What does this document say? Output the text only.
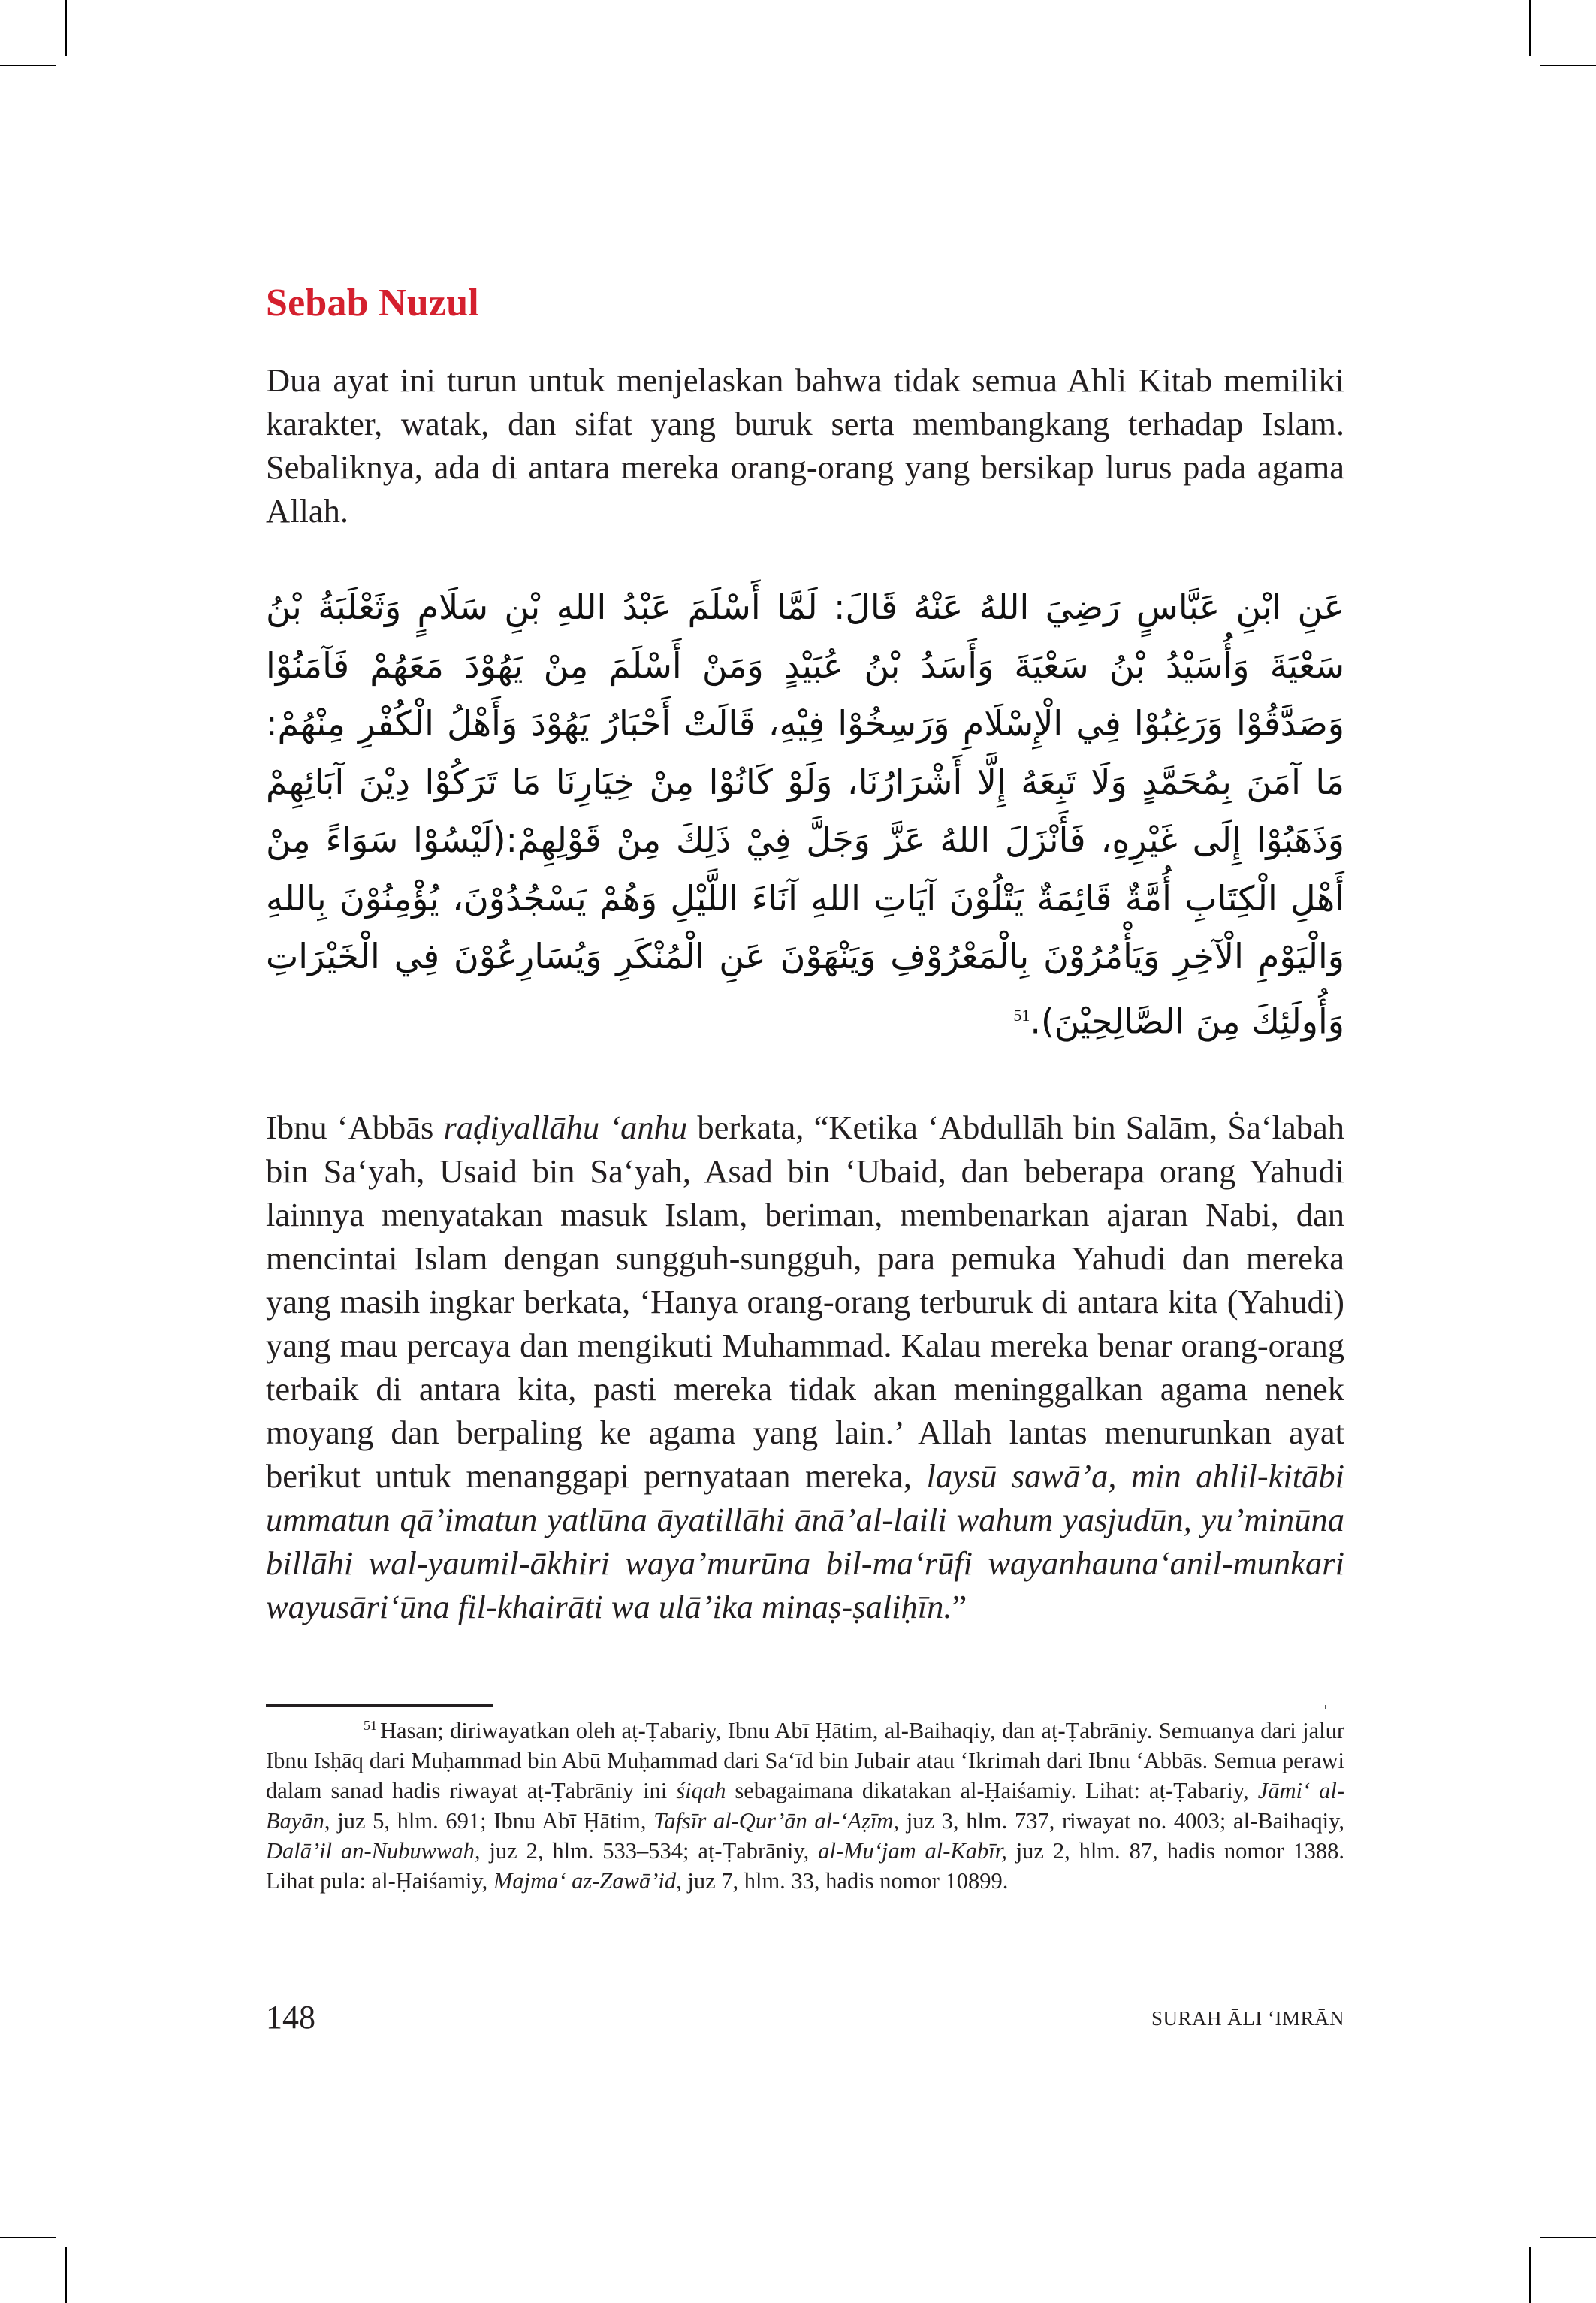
Sebab Nuzul

Dua ayat ini turun untuk menjelaskan bahwa tidak semua Ahli Kitab memiliki karakter, watak, dan sifat yang buruk serta membangkang terhadap Islam. Sebaliknya, ada di antara mereka orang-orang yang bersikap lurus pada agama Allah.

عَنِ ابْنِ عَبَّاسٍ رَضِيَ اللهُ عَنْهُ قَالَ: لَمَّا أَسْلَمَ عَبْدُ اللهِ بْنِ سَلَامٍ وَثَعْلَبَةُ بْنُ سَعْيَةَ وَأُسَيْدُ بْنُ سَعْيَةَ وَأَسَدُ بْنُ عُبَيْدٍ وَمَنْ أَسْلَمَ مِنْ يَهُوْدَ مَعَهُمْ فَآمَنُوْا وَصَدَّقُوْا وَرَغِبُوْا فِي الْإِسْلَامِ وَرَسِخُوْا فِيْهِ، قَالَتْ أَحْبَارُ يَهُوْدَ وَأَهْلُ الْكُفْرِ مِنْهُمْ: مَا آمَنَ بِمُحَمَّدٍ وَلَا تَبِعَهُ إِلَّا أَشْرَارُنَا، وَلَوْ كَانُوْا مِنْ خِيَارِنَا مَا تَرَكُوْا دِيْنَ آبَائِهِمْ وَذَهَبُوْا إِلَى غَيْرِهِ، فَأَنْزَلَ اللهُ عَزَّ وَجَلَّ فِيْ ذَلِكَ مِنْ قَوْلِهِمْ:(لَيْسُوْا سَوَاءً مِنْ أَهْلِ الْكِتَابِ أُمَّةٌ قَائِمَةٌ يَتْلُوْنَ آيَاتِ اللهِ آنَاءَ اللَّيْلِ وَهُمْ يَسْجُدُوْنَ، يُؤْمِنُوْنَ بِاللهِ وَالْيَوْمِ الْآخِرِ وَيَأْمُرُوْنَ بِالْمَعْرُوْفِ وَيَنْهَوْنَ عَنِ الْمُنْكَرِ وَيُسَارِعُوْنَ فِي الْخَيْرَاتِ وَأُولَئِكَ مِنَ الصَّالِحِيْنَ).$^{51}$

Ibnu ‘Abbās raḍiyallāhu ‘anhu berkata, “Ketika ‘Abdullāh bin Salām, Ṡa‘labah bin Sa‘yah, Usaid bin Sa‘yah, Asad bin ‘Ubaid, dan beberapa orang Yahudi lainnya menyatakan masuk Islam, beriman, membenarkan ajaran Nabi, dan mencintai Islam dengan sungguh-sungguh, para pemuka Yahudi dan mereka yang masih ingkar berkata, ‘Hanya orang-orang terburuk di antara kita (Yahudi) yang mau percaya dan mengikuti Muhammad. Kalau mereka benar orang-orang terbaik di antara kita, pasti mereka tidak akan meninggalkan agama nenek moyang dan berpaling ke agama yang lain.’ Allah lantas menurunkan ayat berikut untuk menanggapi pernyataan mereka, laysū sawā’a, min ahlil-kitābi ummatun qā’imatun yatlūna āyatillāhi ānā’al-laili wahum yasjudūn, yu’minūna billāhi wal-yaumil-ākhiri waya’murūna bil-ma‘rūfi wayanhauna‘anil-munkari wayusāri‘ūna fil-khairāti wa ulā’ika minaṣ-ṣaliḥīn.”

$^{51}$ Hasan; diriwayatkan oleh aṭ-Ṭabariy, Ibnu Abī Ḥātim, al-Baihaqiy, dan aṭ-Ṭabrāniy. Semuanya dari jalur Ibnu Isḥāq dari Muḥammad bin Abū Muḥammad dari Sa‘īd bin Jubair atau ‘Ikrimah dari Ibnu ‘Abbās. Semua perawi dalam sanad hadis riwayat aṭ-Ṭabrāniy ini śiqah sebagaimana dikatakan al-Ḥaiśamiy. Lihat: aṭ-Ṭabariy, Jāmi‘ al-Bayān, juz 5, hlm. 691; Ibnu Abī Ḥātim, Tafsīr al-Qur’ān al-‘Aẓīm, juz 3, hlm. 737, riwayat no. 4003; al-Baihaqiy, Dalā’il an-Nubuwwah, juz 2, hlm. 533–534; aṭ-Ṭabrāniy, al-Mu‘jam al-Kabīr, juz 2, hlm. 87, hadis nomor 1388. Lihat pula: al-Ḥaiśamiy, Majma‘ az-Zawā’id, juz 7, hlm. 33, hadis nomor 10899.

148	SURAH ĀLI ‘IMRĀN
